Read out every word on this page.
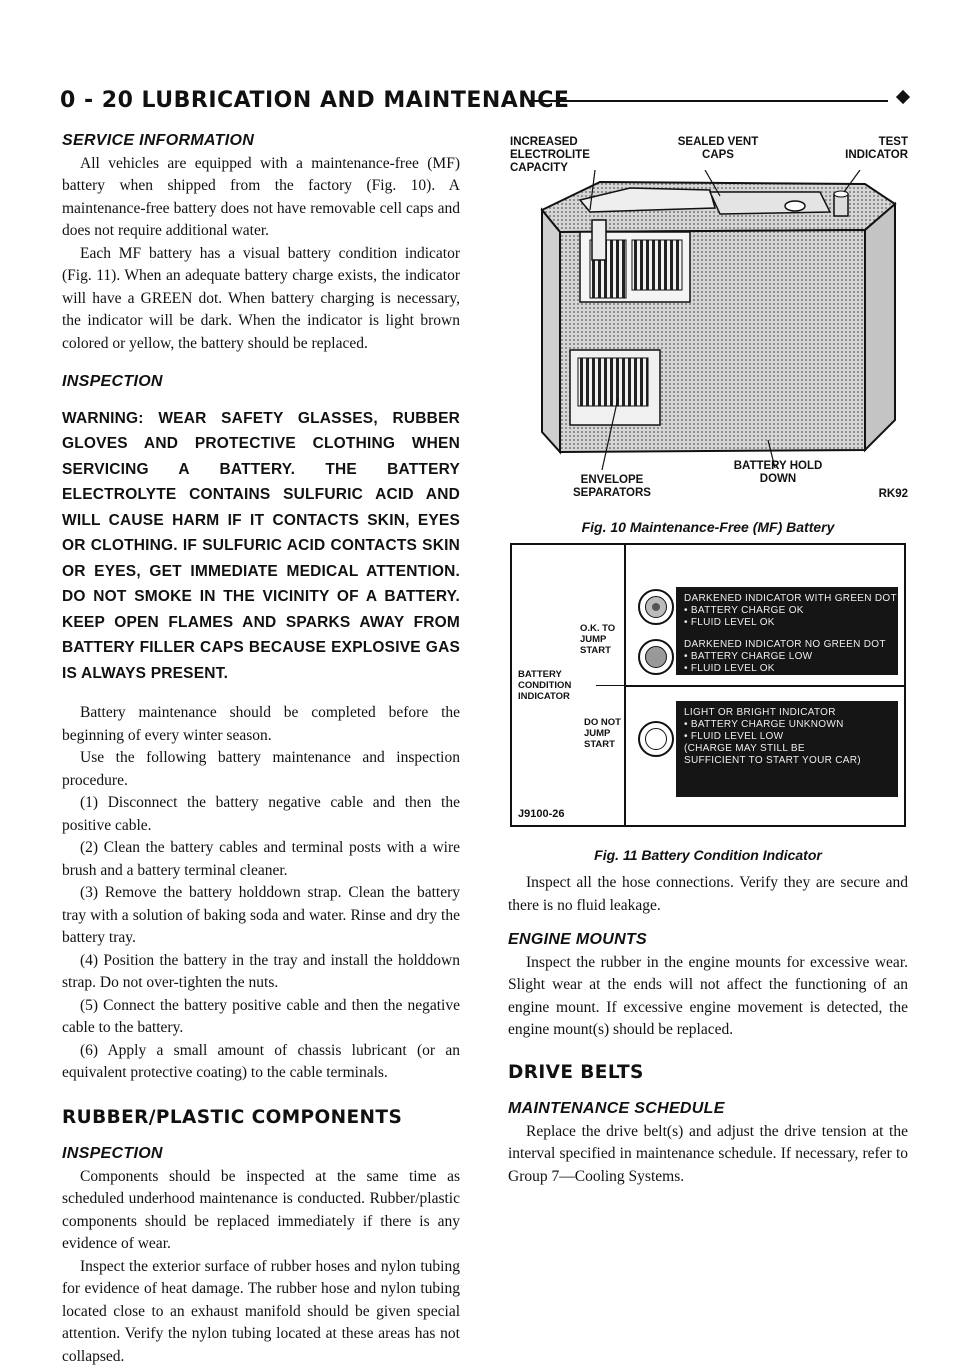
0 - 20 LUBRICATION AND MAINTENANCE

SERVICE INFORMATION

All vehicles are equipped with a maintenance-free (MF) battery when shipped from the factory (Fig. 10). A maintenance-free battery does not have removable cell caps and does not require additional water.

Each MF battery has a visual battery condition indicator (Fig. 11). When an adequate battery charge exists, the indicator will have a GREEN dot. When battery charging is necessary, the indicator will be dark. When the indicator is light brown colored or yellow, the battery should be replaced.

INSPECTION

WARNING: WEAR SAFETY GLASSES, RUBBER GLOVES AND PROTECTIVE CLOTHING WHEN SERVICING A BATTERY. THE BATTERY ELECTROLYTE CONTAINS SULFURIC ACID AND WILL CAUSE HARM IF IT CONTACTS SKIN, EYES OR CLOTHING. IF SULFURIC ACID CONTACTS SKIN OR EYES, GET IMMEDIATE MEDICAL ATTENTION. DO NOT SMOKE IN THE VICINITY OF A BATTERY. KEEP OPEN FLAMES AND SPARKS AWAY FROM BATTERY FILLER CAPS BECAUSE EXPLOSIVE GAS IS ALWAYS PRESENT.

Battery maintenance should be completed before the beginning of every winter season.

Use the following battery maintenance and inspection procedure.

(1) Disconnect the battery negative cable and then the positive cable.

(2) Clean the battery cables and terminal posts with a wire brush and a battery terminal cleaner.

(3) Remove the battery holddown strap. Clean the battery tray with a solution of baking soda and water. Rinse and dry the battery tray.

(4) Position the battery in the tray and install the holddown strap. Do not over-tighten the nuts.

(5) Connect the battery positive cable and then the negative cable to the battery.

(6) Apply a small amount of chassis lubricant (or an equivalent protective coating) to the cable terminals.

RUBBER/PLASTIC COMPONENTS

INSPECTION

Components should be inspected at the same time as scheduled underhood maintenance is conducted. Rubber/plastic components should be replaced immediately if there is any evidence of wear.

Inspect the exterior surface of rubber hoses and nylon tubing for evidence of heat damage. The rubber hose and nylon tubing located close to an exhaust manifold should be given special attention. Verify the nylon tubing located at these areas has not collapsed.

INCREASED ELECTROLITE CAPACITY
SEALED VENT CAPS
TEST INDICATOR
ENVELOPE SEPARATORS
BATTERY HOLD DOWN
RK92
Fig. 10 Maintenance-Free (MF) Battery
O.K. TO JUMP START
BATTERY CONDITION INDICATOR
DO NOT JUMP START
J9100-26
DARKENED INDICATOR WITH GREEN DOT
• BATTERY CHARGE OK
• FLUID LEVEL OK
DARKENED INDICATOR NO GREEN DOT
• BATTERY CHARGE LOW
• FLUID LEVEL OK
LIGHT OR BRIGHT INDICATOR
• BATTERY CHARGE UNKNOWN
• FLUID LEVEL LOW
(CHARGE MAY STILL BE
SUFFICIENT TO START YOUR CAR)
Fig. 11 Battery Condition Indicator

Inspect all the hose connections. Verify they are secure and there is no fluid leakage.

ENGINE MOUNTS

Inspect the rubber in the engine mounts for excessive wear. Slight wear at the ends will not affect the functioning of an engine mount. If excessive engine movement is detected, the engine mount(s) should be replaced.

DRIVE BELTS

MAINTENANCE SCHEDULE

Replace the drive belt(s) and adjust the drive tension at the interval specified in maintenance schedule. If necessary, refer to Group 7—Cooling Systems.
